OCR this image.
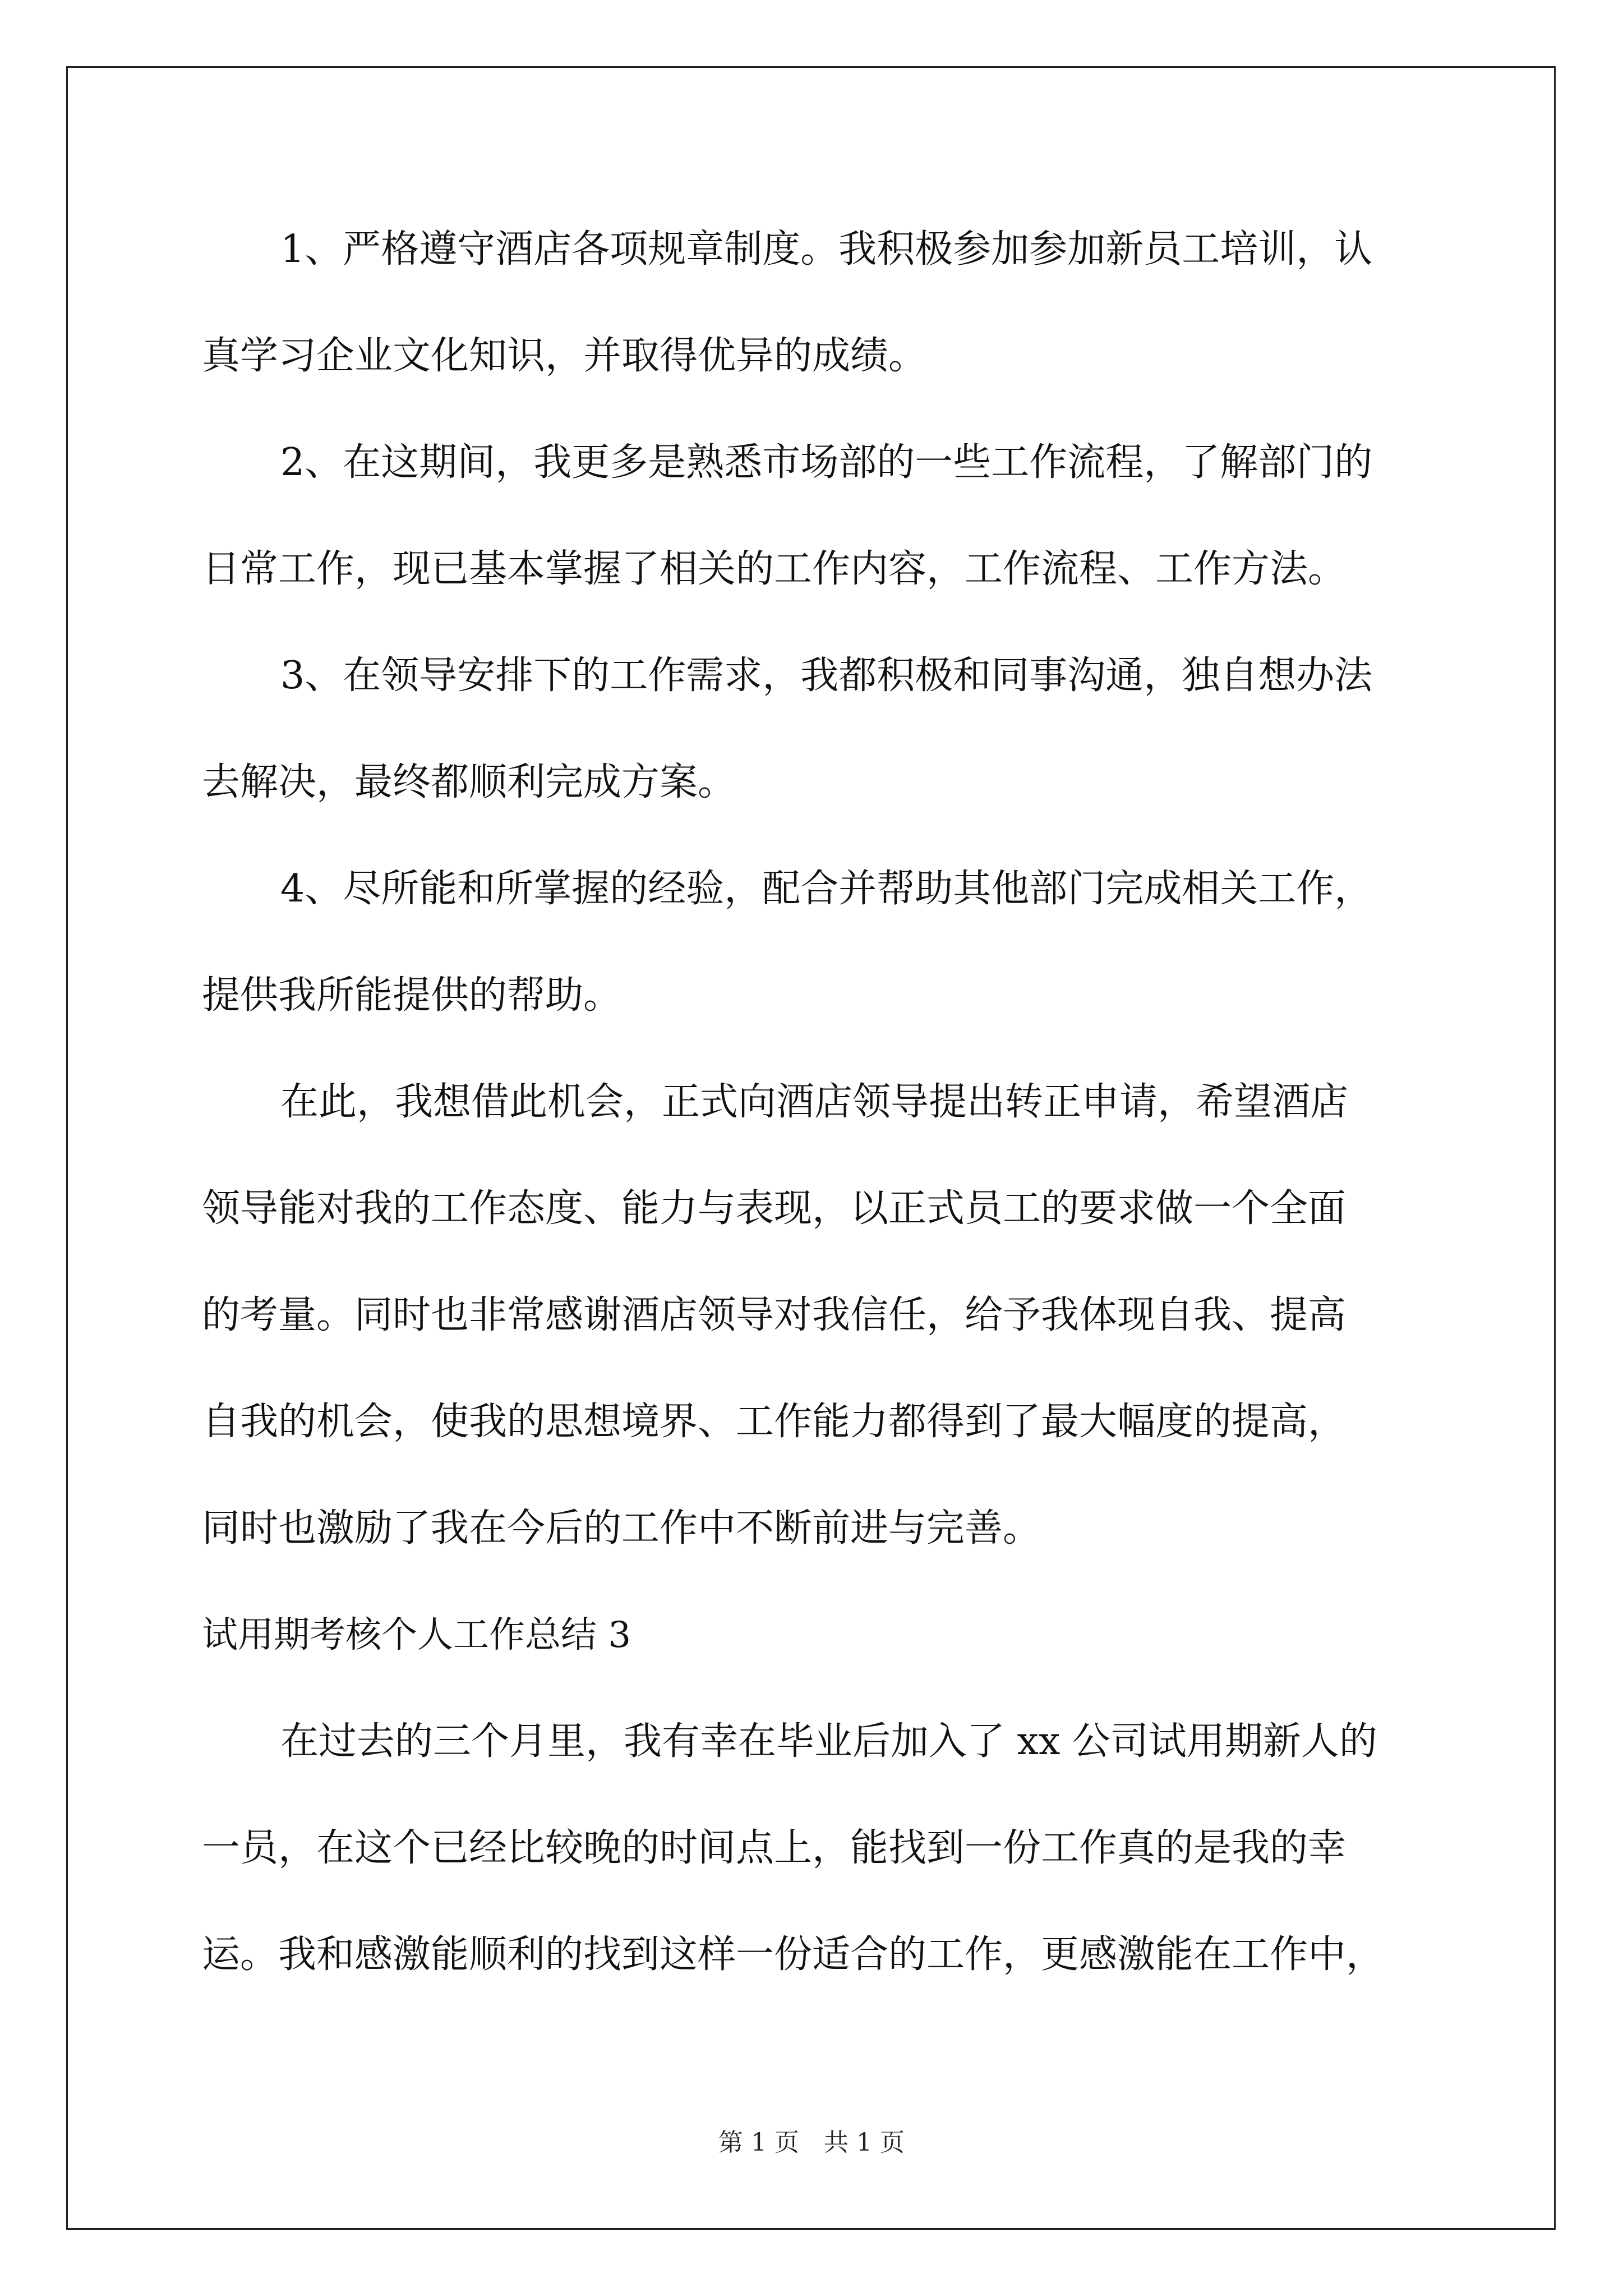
1、严格遵守酒店各项规章制度。我积极参加参加新员工培训，认
真学习企业文化知识，并取得优异的成绩。
2、在这期间，我更多是熟悉市场部的一些工作流程，了解部门的
日常工作，现已基本掌握了相关的工作内容，工作流程、工作方法。
3、在领导安排下的工作需求，我都积极和同事沟通，独自想办法
去解决，最终都顺利完成方案。
4、尽所能和所掌握的经验，配合并帮助其他部门完成相关工作，
提供我所能提供的帮助。
在此，我想借此机会，正式向酒店领导提出转正申请，希望酒店
领导能对我的工作态度、能力与表现，以正式员工的要求做一个全面
的考量。同时也非常感谢酒店领导对我信任，给予我体现自我、提高
自我的机会，使我的思想境界、工作能力都得到了最大幅度的提高，
同时也激励了我在今后的工作中不断前进与完善。
试用期考核个人工作总结 3
在过去的三个月里，我有幸在毕业后加入了 xx 公司试用期新人的
一员，在这个已经比较晚的时间点上，能找到一份工作真的是我的幸
运。我和感激能顺利的找到这样一份适合的工作，更感激能在工作中，
第 1 页　共 1 页
